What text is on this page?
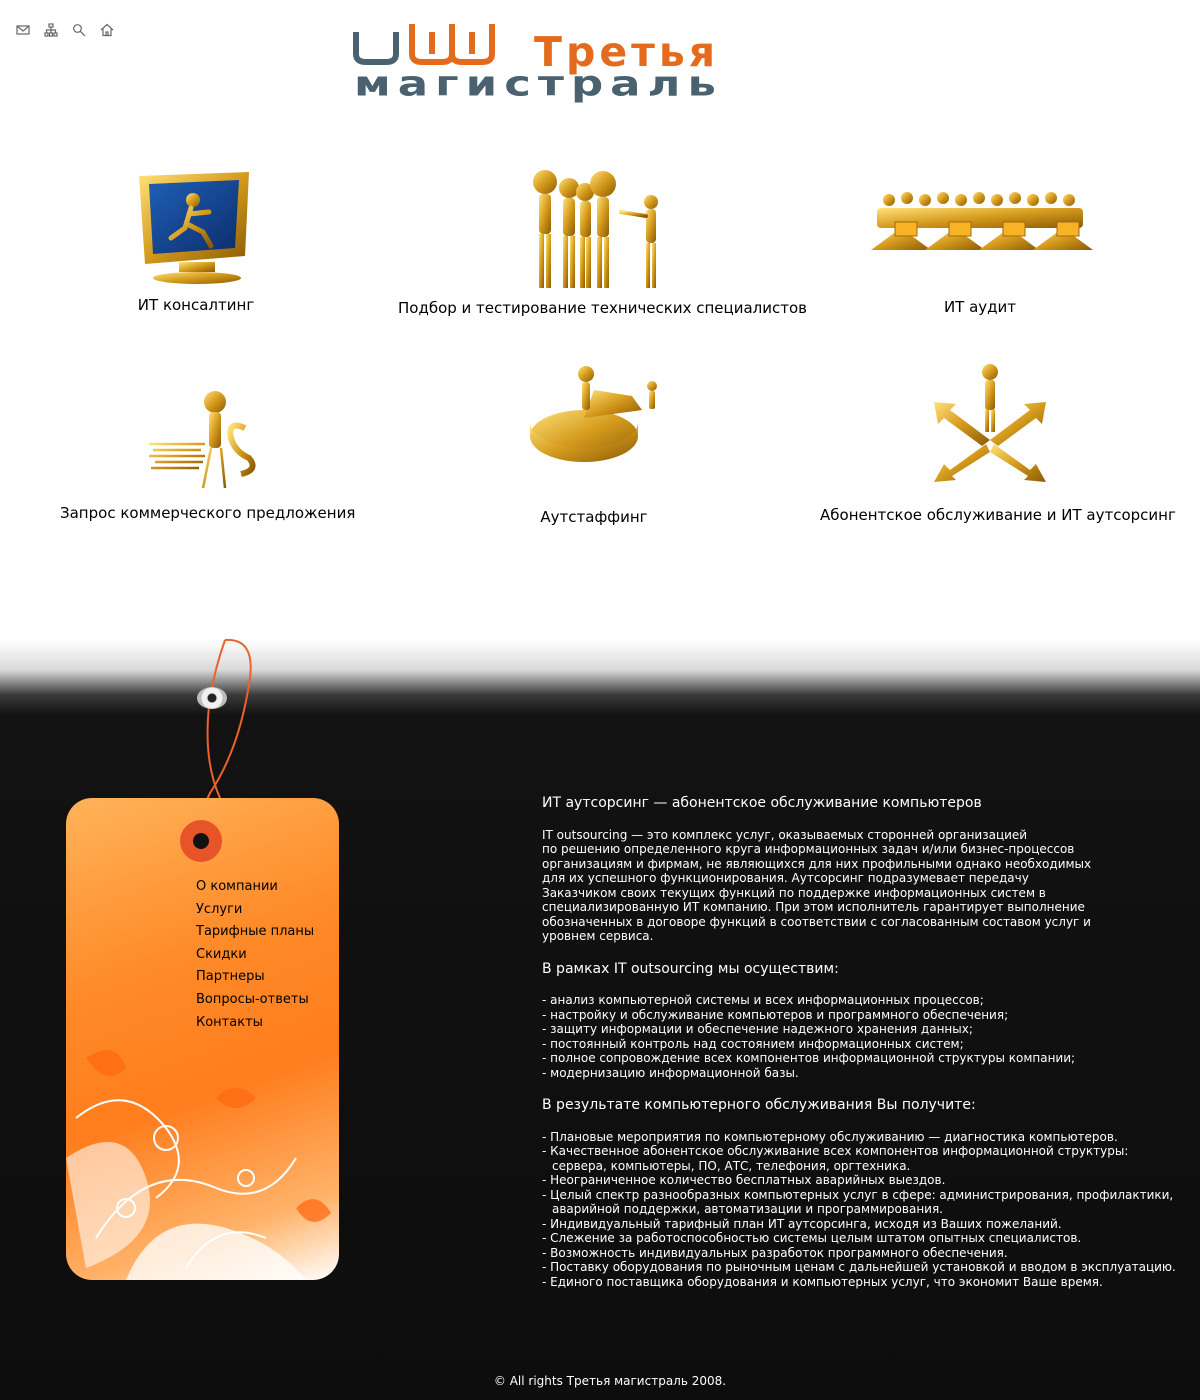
Третья
магистраль
ИТ консалтинг	Подбор и тестирование технических специалистов	ИТ аудит
Запрос коммерческого предложения	Аутстаффинг	Абонентское обслуживание и ИТ аутсорсинг
О компании
Услуги
Тарифные планы
Скидки
Партнеры
Вопросы-ответы
Контакты
ИТ аутсорсинг — абонентское обслуживание компьютеров

IT outsourcing — это комплекс услуг, оказываемых сторонней организацией
по решению определенного круга информационных задач и/или бизнес-процессов
организациям и фирмам, не являющихся для них профильными однако необходимых
для их успешного функционирования. Аутсорсинг подразумевает передачу
Заказчиком своих текущих функций по поддержке информационных систем в
специализированную ИТ компанию. При этом исполнитель гарантирует выполнение
обозначенных в договоре функций в соответствии с согласованным составом услуг и
уровнем сервиса.

В рамках IT outsourcing мы осуществим:
- анализ компьютерной системы и всех информационных процессов;
- настройку и обслуживание компьютеров и программного обеспечения;
- защиту информации и обеспечение надежного хранения данных;
- постоянный контроль над состоянием информационных систем;
- полное сопровождение всех компонентов информационной структуры компании;
- модернизацию информационной базы.
В результате компьютерного обслуживания Вы получите:
- Плановые мероприятия по компьютерному обслуживанию — диагностика компьютеров.
- Качественное абонентское обслуживание всех компонентов информационной структуры: сервера, компьютеры, ПО, АТС, телефония, оргтехника.
- Неограниченное количество бесплатных аварийных выездов.
- Целый спектр разнообразных компьютерных услуг в сфере: администрирования, профилактики, аварийной поддержки, автоматизации и программирования.
- Индивидуальный тарифный план ИТ аутсорсинга, исходя из Ваших пожеланий.
- Слежение за работоспособностью системы целым штатом опытных специалистов.
- Возможность индивидуальных разработок программного обеспечения.
- Поставку оборудования по рыночным ценам с дальнейшей установкой и вводом в эксплуатацию.
- Единого поставщика оборудования и компьютерных услуг, что экономит Ваше время.
© All rights Третья магистраль 2008.
